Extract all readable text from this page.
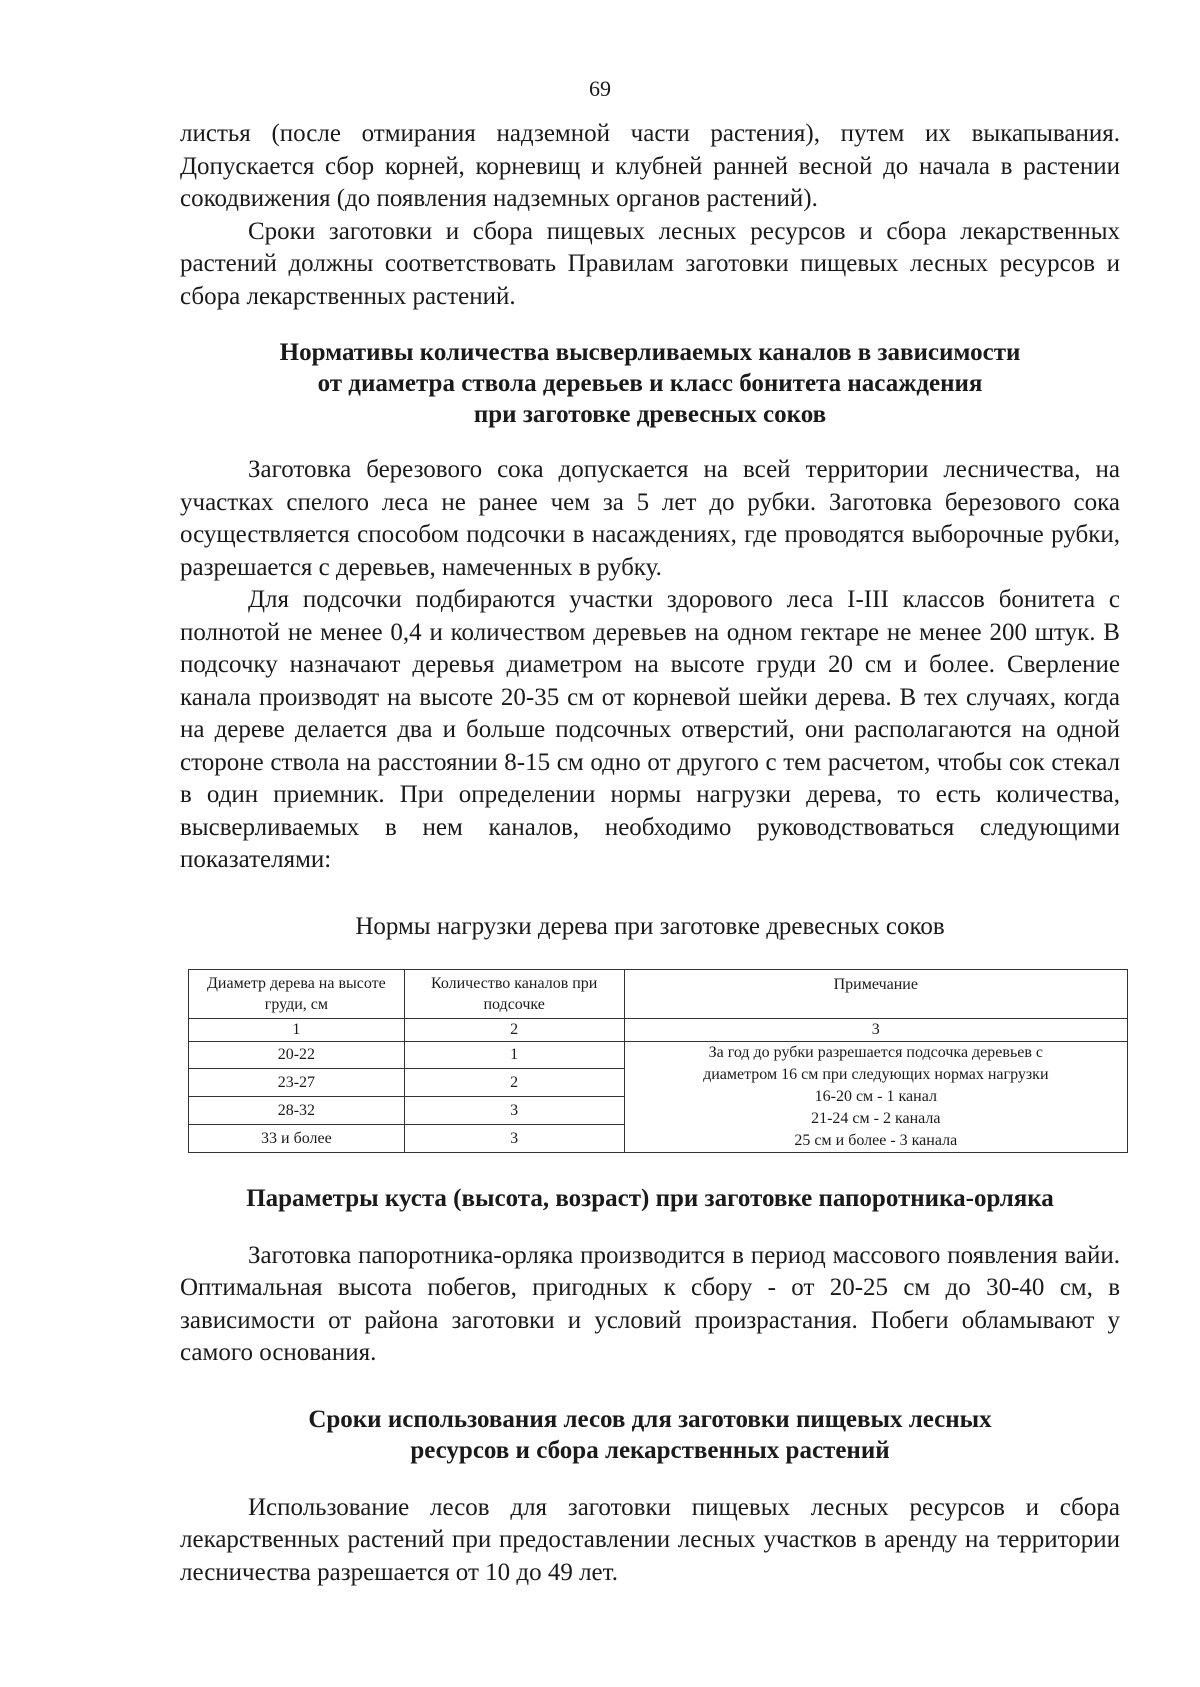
69

листья (после отмирания надземной части растения), путем их выкапывания. Допускается сбор корней, корневищ и клубней ранней весной до начала в растении сокодвижения (до появления надземных органов растений).

Сроки заготовки и сбора пищевых лесных ресурсов и сбора лекарственных растений должны соответствовать Правилам заготовки пищевых лесных ресурсов и сбора лекарственных растений.

Нормативы количества высверливаемых каналов в зависимости
от диаметра ствола деревьев и класс бонитета насаждения
при заготовке древесных соков

Заготовка березового сока допускается на всей территории лесничества, на участках спелого леса не ранее чем за 5 лет до рубки. Заготовка березового сока осуществляется способом подсочки в насаждениях, где проводятся выборочные рубки, разрешается с деревьев, намеченных в рубку.

Для подсочки подбираются участки здорового леса I-III классов бонитета с полнотой не менее 0,4 и количеством деревьев на одном гектаре не менее 200 штук. В подсочку назначают деревья диаметром на высоте груди 20 см и более. Сверление канала производят на высоте 20-35 см от корневой шейки дерева. В тех случаях, когда на дереве делается два и больше подсочных отверстий, они располагаются на одной стороне ствола на расстоянии 8-15 см одно от другого с тем расчетом, чтобы сок стекал в один приемник. При определении нормы нагрузки дерева, то есть количества, высверливаемых в нем каналов, необходимо руководствоваться следующими показателями:

Нормы нагрузки дерева при заготовке древесных соков
Диаметр дерева на высоте груди, см	Количество каналов при подсочке	Примечание
1	2	3
20-22	1	За год до рубки разрешается подсочка деревьев с
диаметром 16 см при следующих нормах нагрузки
16-20 см - 1 канал
21-24 см - 2 канала
25 см и более - 3 канала

23-27	2	
28-32	3	
33 и более	3	
Параметры куста (высота, возраст) при заготовке папоротника-орляка

Заготовка папоротника-орляка производится в период массового появления вайи. Оптимальная высота побегов, пригодных к сбору - от 20-25 см до 30-40 см, в зависимости от района заготовки и условий произрастания. Побеги обламывают у самого основания.

Сроки использования лесов для заготовки пищевых лесных
ресурсов и сбора лекарственных растений

Использование лесов для заготовки пищевых лесных ресурсов и сбора лекарственных растений при предоставлении лесных участков в аренду на территории лесничества разрешается от 10 до 49 лет.
